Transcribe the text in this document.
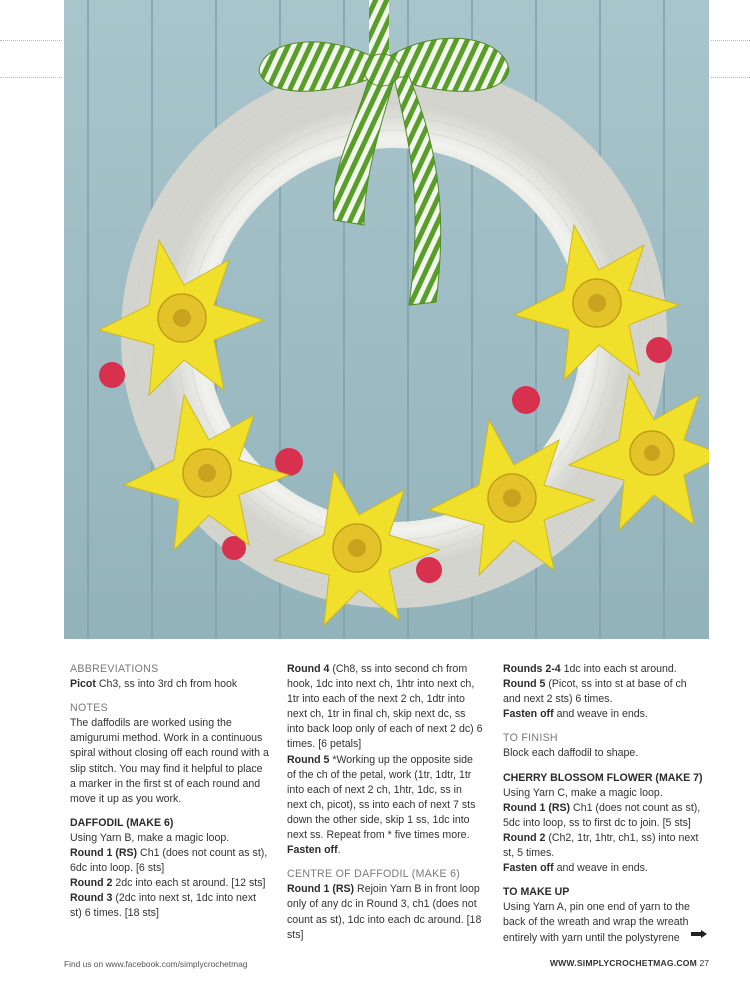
ABBREVIATIONS

Picot Ch3, ss into 3rd ch from hook

NOTES

The daffodils are worked using the amigurumi method. Work in a continuous spiral without closing off each round with a slip stitch. You may find it helpful to place a marker in the first st of each round and move it up as you work.

DAFFODIL (MAKE 6)

Using Yarn B, make a magic loop.

Round 1 (RS) Ch1 (does not count as st), 6dc into loop. [6 sts]

Round 2 2dc into each st around. [12 sts]

Round 3 (2dc into next st, 1dc into next st) 6 times. [18 sts]

Round 4 (Ch8, ss into second ch from hook, 1dc into next ch, 1htr into next ch, 1tr into each of the next 2 ch, 1dtr into next ch, 1tr in final ch, skip next dc, ss into back loop only of each of next 2 dc) 6 times. [6 petals]

Round 5 *Working up the opposite side of the ch of the petal, work (1tr, 1dtr, 1tr into each of next 2 ch, 1htr, 1dc, ss in next ch, picot), ss into each of next 7 sts down the other side, skip 1 ss, 1dc into next ss. Repeat from * five times more.

Fasten off.

CENTRE OF DAFFODIL (MAKE 6)

Round 1 (RS) Rejoin Yarn B in front loop only of any dc in Round 3, ch1 (does not count as st), 1dc into each dc around. [18 sts]

Rounds 2-4 1dc into each st around.

Round 5 (Picot, ss into st at base of ch and next 2 sts) 6 times.

Fasten off and weave in ends.

TO FINISH

Block each daffodil to shape.

CHERRY BLOSSOM FLOWER (MAKE 7)

Using Yarn C, make a magic loop.

Round 1 (RS) Ch1 (does not count as st), 5dc into loop, ss to first dc to join. [5 sts]

Round 2 (Ch2, 1tr, 1htr, ch1, ss) into next st, 5 times.

Fasten off and weave in ends.

TO MAKE UP

Using Yarn A, pin one end of yarn to the back of the wreath and wrap the wreath entirely with yarn until the polystyrene

Find us on www.facebook.com/simplycrochetmag	WWW.SIMPLYCROCHETMAG.COM 27
